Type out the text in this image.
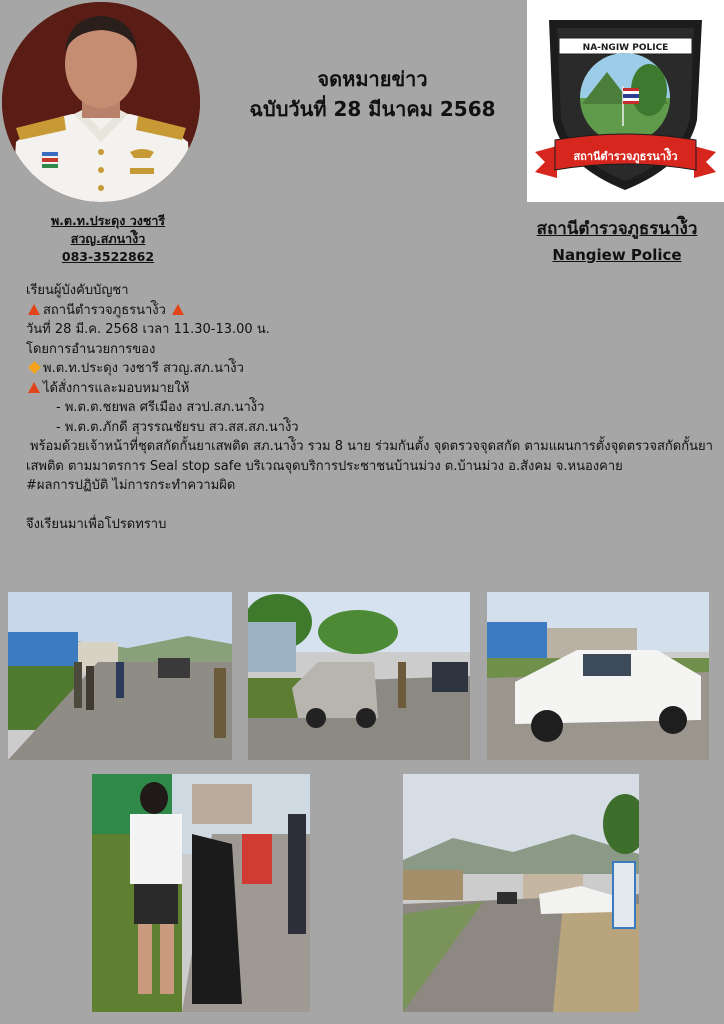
พ.ต.ท.ประดุง วงชารี
สวญ.สภนาง้ิว
083-3522862
จดหมายข่าว
ฉบับวันที่ 28 มีนาคม 2568
NA-NGIW POLICE
สถานีตำรวจภูธรนาง้ิว
สถานีตำรวจภูธรนาง้ิว
Nangiew Police
เรียนผู้บังคับบัญชา
สถานีตำรวจภูธรนาง้ิว
วันที่ 28 มี.ค. 2568 เวลา 11.30-13.00 น.
โดยการอำนวยการของ
พ.ต.ท.ประดุง วงชารี สวญ.สภ.นาง้ิว
ได้สั่งการและมอบหมายให้
- พ.ต.ต.ชยพล ศรีเมือง สวป.สภ.นาง้ิว
- พ.ต.ต.ภักดี สุวรรณชัยรบ สว.สส.สภ.นาง้ิว
พร้อมด้วยเจ้าหน้าที่ชุดสกัดกั้นยาเสพติด สภ.นาง้ิว รวม 8 นาย ร่วมกันตั้ง จุดตรวจจุดสกัด ตามแผนการตั้งจุดตรวจสกัดกั้นยาเสพติด ตามมาตรการ Seal stop safe บริเวณจุดบริการประชาชนบ้านม่วง ต.บ้านม่วง อ.สังคม จ.หนองคาย
#ผลการปฏิบัติ ไม่การกระทำความผิด

จึงเรียนมาเพื่อโปรดทราบ
